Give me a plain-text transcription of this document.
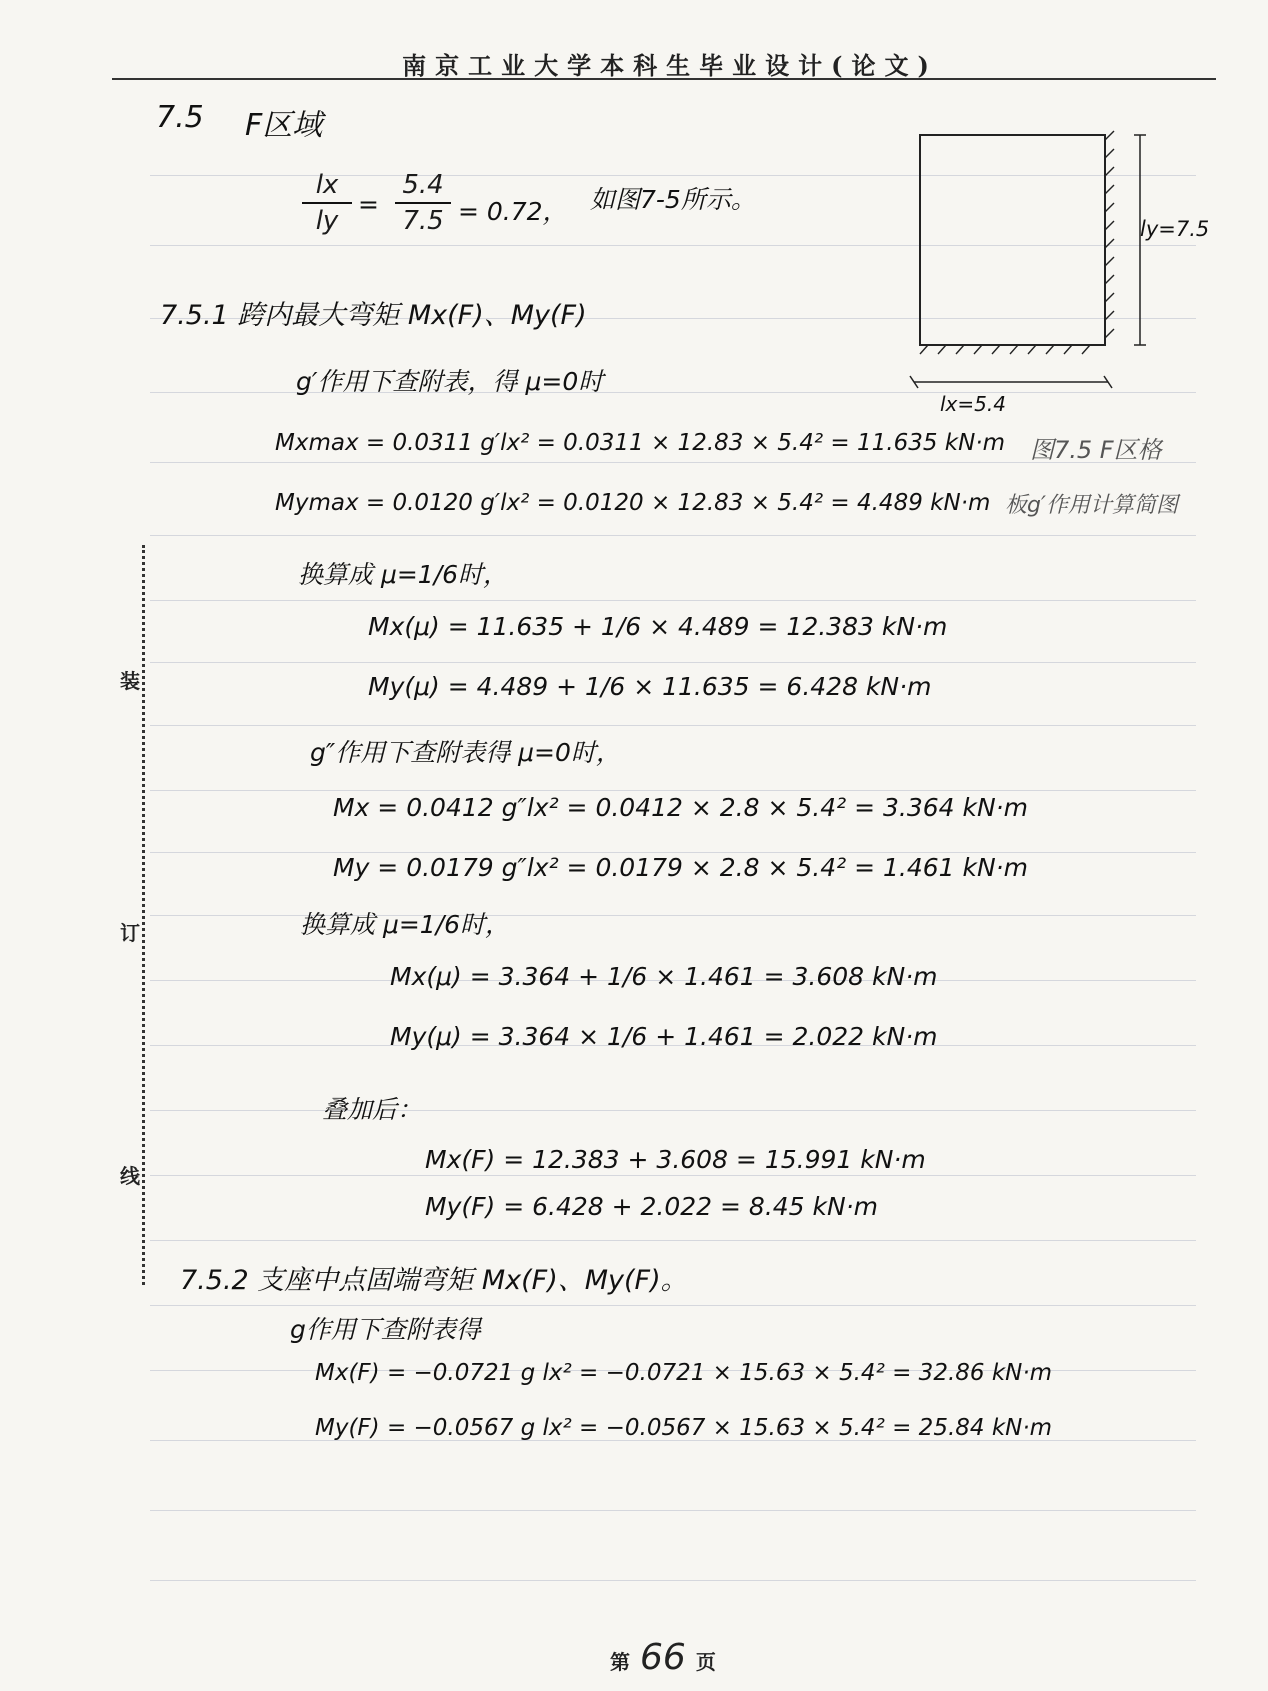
南京工业大学本科生毕业设计(论文)
装
订
线
7.5 F区域
$\frac{lx}{ly} = \frac{5.4}{7.5} = 0.72$， 如图7-5所示。
ly=7.5
lx=5.4
图7.5 F区格
板g′作用计算简图
7.5.1 跨内最大弯矩 Mx(F)、My(F)
g′作用下查附表，得 μ=0时
Mxmax = 0.0311 g′lx² = 0.0311 × 12.83 × 5.4² = 11.635 kN·m
Mymax = 0.0120 g′lx² = 0.0120 × 12.83 × 5.4² = 4.489 kN·m
换算成 μ=1/6时，
Mx(μ) = 11.635 + 1/6 × 4.489 = 12.383 kN·m
My(μ) = 4.489 + 1/6 × 11.635 = 6.428 kN·m
g″作用下查附表得 μ=0时，
Mx = 0.0412 g″lx² = 0.0412 × 2.8 × 5.4² = 3.364 kN·m
My = 0.0179 g″lx² = 0.0179 × 2.8 × 5.4² = 1.461 kN·m
换算成 μ=1/6时，
Mx(μ) = 3.364 + 1/6 × 1.461 = 3.608 kN·m
My(μ) = 3.364 × 1/6 + 1.461 = 2.022 kN·m
叠加后：
Mx(F) = 12.383 + 3.608 = 15.991 kN·m
My(F) = 6.428 + 2.022 = 8.45 kN·m
7.5.2 支座中点固端弯矩 Mx(F)、My(F)。
g作用下查附表得
Mx(F) = −0.0721 g lx² = −0.0721 × 15.63 × 5.4² = 32.86 kN·m
My(F) = −0.0567 g lx² = −0.0567 × 15.63 × 5.4² = 25.84 kN·m
第 66 页
